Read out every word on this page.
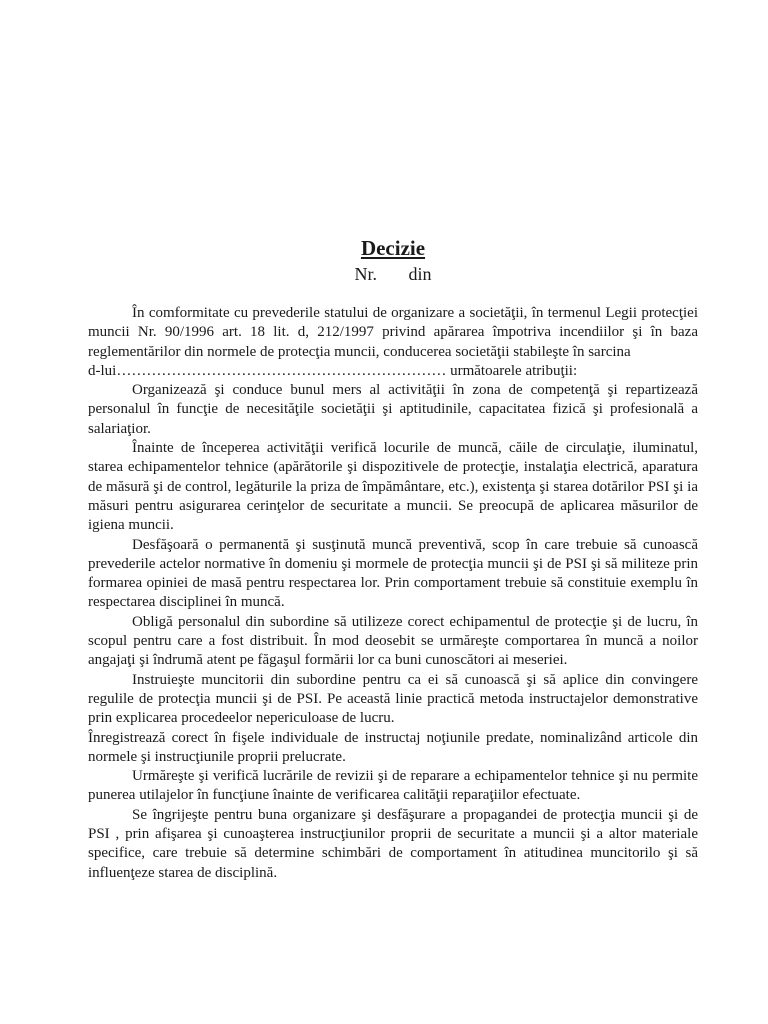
Decizie
Nr.       din

În comformitate cu prevederile statului de organizare a societăţii, în termenul Legii protecţiei muncii Nr. 90/1996 art. 18 lit. d, 212/1997 privind apărarea împotriva incendiilor şi în baza reglementărilor din normele de protecţia muncii, conducerea societăţii stabileşte în sarcina

d-lui………………………………………………………… următoarele atribuţii:

Organizează şi conduce bunul mers al activităţii în zona de competenţă şi repartizează personalul în funcţie de necesităţile societăţii şi aptitudinile, capacitatea fizică şi profesională a salariaţior.

Înainte de începerea activităţii verifică locurile de muncă, căile de circulaţie, iluminatul, starea echipamentelor tehnice (apărătorile şi dispozitivele de protecţie, instalaţia electrică, aparatura de măsură şi de control, legăturile la priza de împământare, etc.), existenţa şi starea dotărilor PSI şi ia măsuri pentru asigurarea cerinţelor de securitate a muncii. Se preocupă de aplicarea măsurilor de igiena muncii.

Desfăşoară o permanentă şi susţinută muncă preventivă, scop în care trebuie să cunoască prevederile actelor normative în domeniu şi mormele de protecţia muncii şi de PSI şi să militeze prin formarea opiniei de masă pentru respectarea lor. Prin comportament trebuie să constituie exemplu în respectarea disciplinei în muncă.

Obligă personalul din subordine să utilizeze corect echipamentul de protecţie şi de lucru, în scopul pentru care a fost distribuit. În mod deosebit se urmăreşte comportarea în muncă a noilor angajaţi şi îndrumă atent pe făgaşul formării lor ca buni cunoscători ai meseriei.

Instruieşte muncitorii din subordine pentru ca ei să cunoască şi să aplice din convingere regulile de protecţia muncii şi de PSI. Pe această linie practică metoda instructajelor demonstrative prin explicarea procedeelor nepericuloase de lucru.

Înregistrează corect în fişele individuale de instructaj noţiunile predate, nominalizând articole din normele şi instrucţiunile proprii prelucrate.

Urmăreşte şi verifică lucrările de revizii şi de reparare a echipamentelor tehnice şi nu permite punerea utilajelor în funcţiune înainte de verificarea calităţii reparaţiilor efectuate.

Se îngrijeşte pentru buna organizare şi desfăşurare a propagandei de protecţia muncii şi de PSI , prin afişarea şi cunoaşterea instrucţiunilor proprii de securitate a muncii şi a altor materiale specifice, care trebuie să determine schimbări de comportament în atitudinea muncitorilo şi să influenţeze starea de disciplină.
